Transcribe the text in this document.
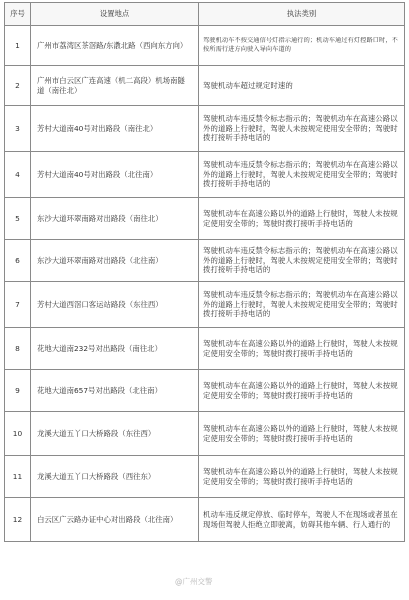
序号	设置地点	执法类别
1	广州市荔湾区茶滘路/东漖北路（西向东方向）	驾驶机动车不按交通信号灯指示通行的；机动车通过有灯控路口时，不按所需行进方向驶入导向车道的

2	广州市白云区广连高速（机二高段）机场南隧道（南往北）	驾驶机动车超过规定时速的

3	芳村大道南40号对出路段（南往北）	驾驶机动车违反禁令标志指示的；驾驶机动车在高速公路以外的道路上行驶时，驾驶人未按规定使用安全带的；驾驶时拨打接听手持电话的

4	芳村大道南40号对出路段（北往南）	驾驶机动车违反禁令标志指示的；驾驶机动车在高速公路以外的道路上行驶时，驾驶人未按规定使用安全带的；驾驶时拨打接听手持电话的

5	东沙大道环翠南路对出路段（南往北）	驾驶机动车在高速公路以外的道路上行驶时，驾驶人未按规定使用安全带的；驾驶时拨打接听手持电话的

6	东沙大道环翠南路对出路段（北往南）	驾驶机动车违反禁令标志指示的；驾驶机动车在高速公路以外的道路上行驶时，驾驶人未按规定使用安全带的；驾驶时拨打接听手持电话的

7	芳村大道西滘口客运站路段（东往西）	驾驶机动车违反禁令标志指示的；驾驶机动车在高速公路以外的道路上行驶时，驾驶人未按规定使用安全带的；驾驶时拨打接听手持电话的

8	花地大道南232号对出路段（南往北）	驾驶机动车在高速公路以外的道路上行驶时，驾驶人未按规定使用安全带的；驾驶时拨打接听手持电话的

9	花地大道南657号对出路段（北往南）	驾驶机动车在高速公路以外的道路上行驶时，驾驶人未按规定使用安全带的；驾驶时拨打接听手持电话的

10	龙溪大道五丫口大桥路段（东往西）	驾驶机动车在高速公路以外的道路上行驶时，驾驶人未按规定使用安全带的；驾驶时拨打接听手持电话的

11	龙溪大道五丫口大桥路段（西往东）	驾驶机动车在高速公路以外的道路上行驶时，驾驶人未按规定使用安全带的；驾驶时拨打接听手持电话的

12	白云区广云路办证中心对出路段（北往南）	机动车违反规定停放、临时停车，驾驶人不在现场或者虽在现场但驾驶人拒绝立即驶离，妨碍其他车辆、行人通行的
@广州交警
